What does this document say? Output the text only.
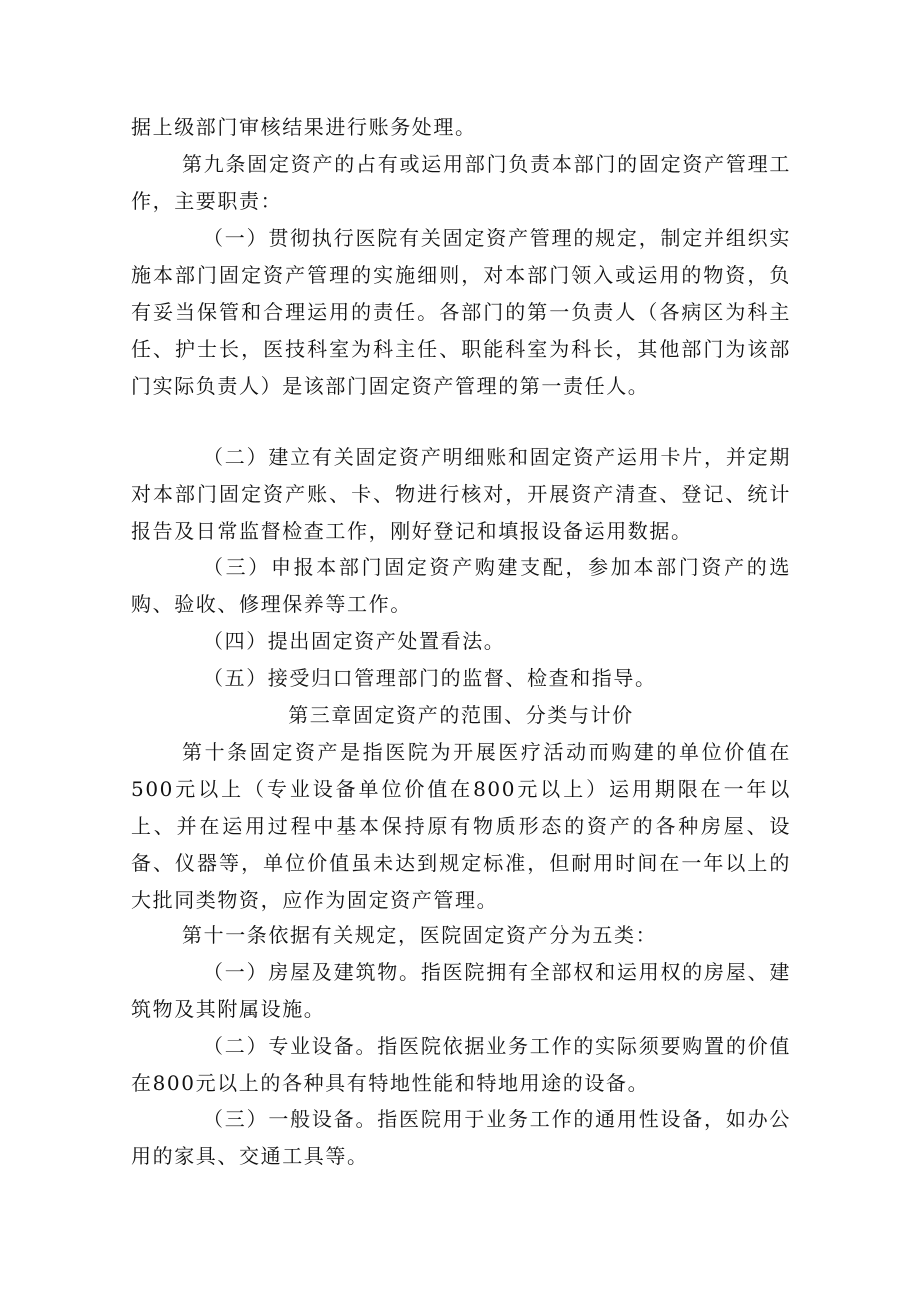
据上级部门审核结果进行账务处理。

第九条固定资产的占有或运用部门负责本部门的固定资产管理工作，主要职责：

（一）贯彻执行医院有关固定资产管理的规定，制定并组织实施本部门固定资产管理的实施细则，对本部门领入或运用的物资，负有妥当保管和合理运用的责任。各部门的第一负责人（各病区为科主任、护士长，医技科室为科主任、职能科室为科长，其他部门为该部门实际负责人）是该部门固定资产管理的第一责任人。

（二）建立有关固定资产明细账和固定资产运用卡片，并定期对本部门固定资产账、卡、物进行核对，开展资产清查、登记、统计报告及日常监督检查工作，刚好登记和填报设备运用数据。

（三）申报本部门固定资产购建支配，参加本部门资产的选购、验收、修理保养等工作。

（四）提出固定资产处置看法。

（五）接受归口管理部门的监督、检查和指导。

第三章固定资产的范围、分类与计价

第十条固定资产是指医院为开展医疗活动而购建的单位价值在500元以上（专业设备单位价值在800元以上）运用期限在一年以上、并在运用过程中基本保持原有物质形态的资产的各种房屋、设备、仪器等，单位价值虽未达到规定标准，但耐用时间在一年以上的大批同类物资，应作为固定资产管理。

第十一条依据有关规定，医院固定资产分为五类：

（一）房屋及建筑物。指医院拥有全部权和运用权的房屋、建筑物及其附属设施。

（二）专业设备。指医院依据业务工作的实际须要购置的价值在800元以上的各种具有特地性能和特地用途的设备。

（三）一般设备。指医院用于业务工作的通用性设备，如办公用的家具、交通工具等。
